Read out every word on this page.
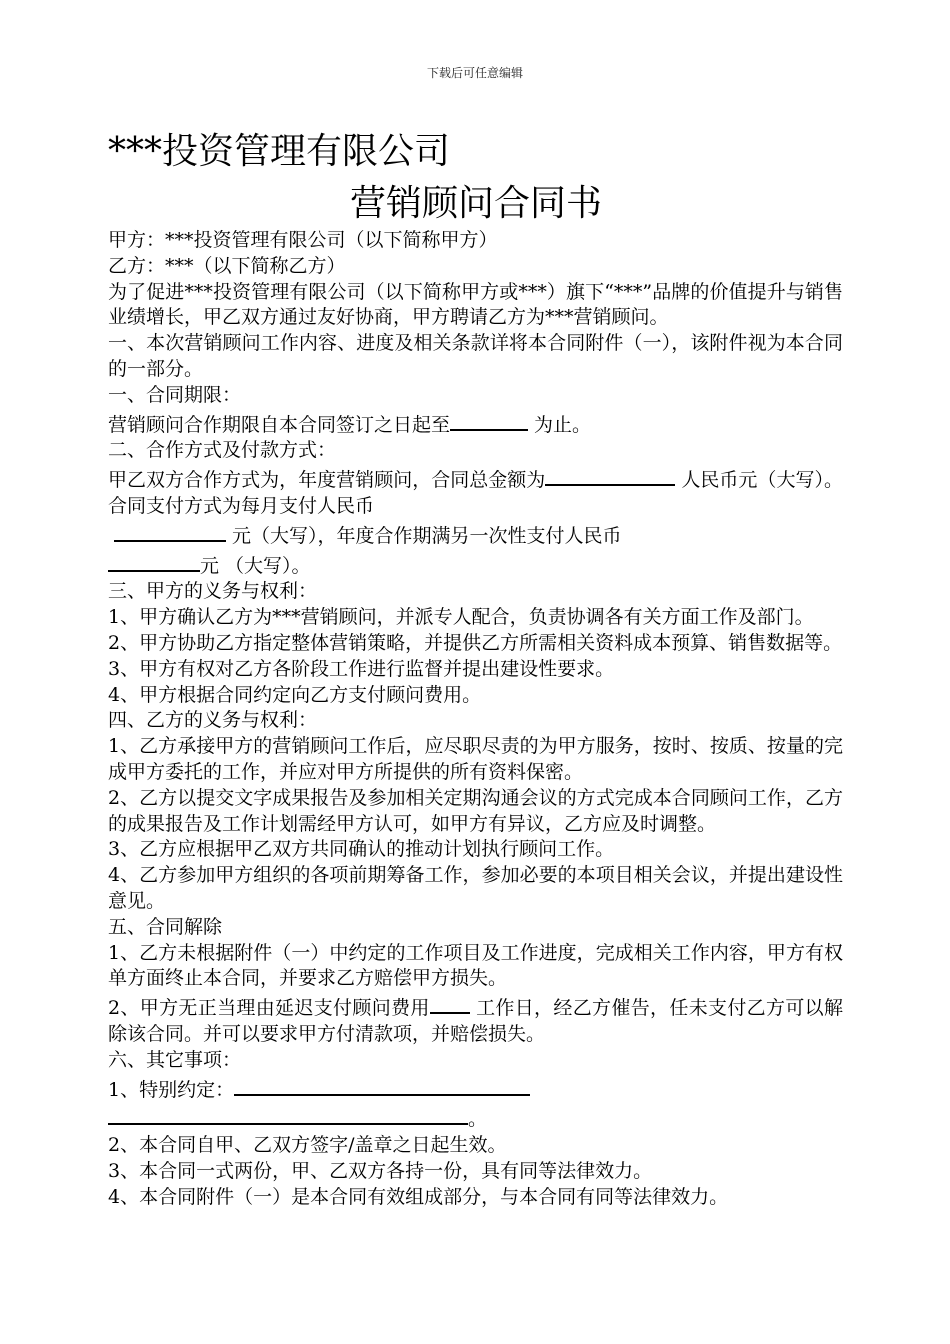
下载后可任意编辑
***投资管理有限公司
营销顾问合同书

甲方：***投资管理有限公司（以下简称甲方）

乙方：***（以下简称乙方）

为了促进***投资管理有限公司（以下简称甲方或***）旗下“***”品牌的价值提升与销售业绩增长，甲乙双方通过友好协商，甲方聘请乙方为***营销顾问。

一、本次营销顾问工作内容、进度及相关条款详将本合同附件（一），该附件视为本合同的一部分。

一、合同期限：

营销顾问合作期限自本合同签订之日起至	为止。

二、合作方式及付款方式：

甲乙双方合作方式为，年度营销顾问，合同总金额为	人民币元（大写）。合同支付方式为每月支付人民币
元（大写），年度合作期满另一次性支付人民币
元 （大写）。

三、甲方的义务与权利：

1、甲方确认乙方为***营销顾问，并派专人配合，负责协调各有关方面工作及部门。

2、甲方协助乙方指定整体营销策略，并提供乙方所需相关资料成本预算、销售数据等。

3、甲方有权对乙方各阶段工作进行监督并提出建设性要求。

4、甲方根据合同约定向乙方支付顾问费用。

四、乙方的义务与权利：

1、乙方承接甲方的营销顾问工作后，应尽职尽责的为甲方服务，按时、按质、按量的完成甲方委托的工作，并应对甲方所提供的所有资料保密。

2、乙方以提交文字成果报告及参加相关定期沟通会议的方式完成本合同顾问工作，乙方的成果报告及工作计划需经甲方认可，如甲方有异议，乙方应及时调整。

3、乙方应根据甲乙双方共同确认的推动计划执行顾问工作。

4、乙方参加甲方组织的各项前期筹备工作，参加必要的本项目相关会议，并提出建设性意见。

五、合同解除

1、乙方未根据附件（一）中约定的工作项目及工作进度，完成相关工作内容，甲方有权单方面终止本合同，并要求乙方赔偿甲方损失。

2、甲方无正当理由延迟支付顾问费用 工作日，经乙方催告，任未支付乙方可以解除该合同。并可以要求甲方付清款项，并赔偿损失。

六、其它事项：

1、特别约定：
。

2、本合同自甲、乙双方签字/盖章之日起生效。

3、本合同一式两份，甲、乙双方各持一份，具有同等法律效力。

4、本合同附件（一）是本合同有效组成部分，与本合同有同等法律效力。
